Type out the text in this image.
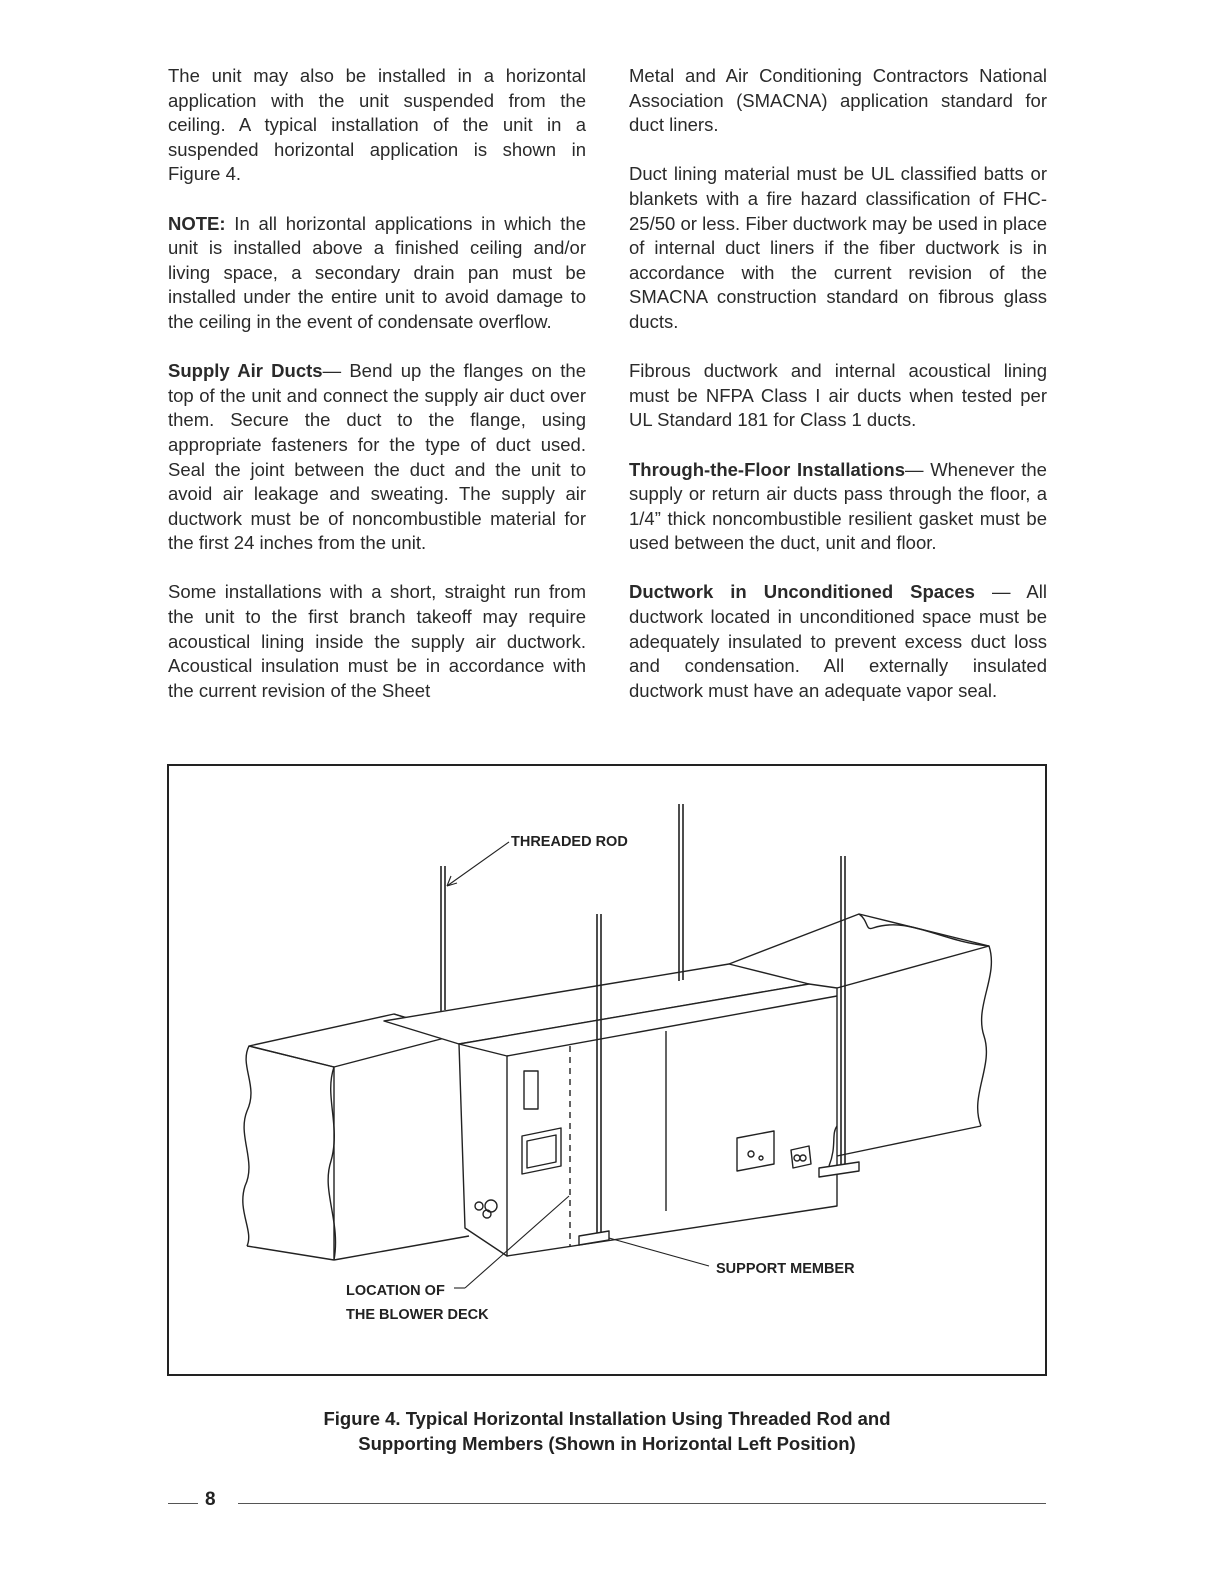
The unit may also be installed in a horizontal application with the unit suspended from the ceiling. A typical installation of the unit in a suspended horizontal application is shown in Figure 4.

NOTE: In all horizontal applications in which the unit is installed above a finished ceiling and/or living space, a secondary drain pan must be installed under the entire unit to avoid damage to the ceiling in the event of condensate overflow.

Supply Air Ducts— Bend up the flanges on the top of the unit and connect the supply air duct over them. Secure the duct to the flange, using appropriate fasteners for the type of duct used. Seal the joint between the duct and the unit to avoid air leakage and sweating. The supply air ductwork must be of noncombustible material for the first 24 inches from the unit.

Some installations with a short, straight run from the unit to the first branch takeoff may require acoustical lining inside the supply air ductwork. Acoustical insulation must be in accordance with the current revision of the Sheet

Metal and Air Conditioning Contractors National Association (SMACNA) application standard for duct liners.

Duct lining material must be UL classified batts or blankets with a fire hazard classification of FHC-25/50 or less. Fiber ductwork may be used in place of internal duct liners if the fiber ductwork is in accordance with the current revision of the SMACNA construction standard on fibrous glass ducts.

Fibrous ductwork and internal acoustical lining must be NFPA Class I air ducts when tested per UL Standard 181 for Class 1 ducts.

Through-the-Floor Installations— Whenever the supply or return air ducts pass through the floor, a 1/4” thick noncombustible resilient gasket must be used between the duct, unit and floor.

Ductwork in Unconditioned Spaces — All ductwork located in unconditioned space must be adequately insulated to prevent excess duct loss and condensation. All externally insulated ductwork must have an adequate vapor seal.

THREADED ROD
SUPPORT MEMBER
LOCATION OF
THE BLOWER DECK
Figure 4. Typical Horizontal Installation Using Threaded Rod and
Supporting Members (Shown in Horizontal Left Position)
8
